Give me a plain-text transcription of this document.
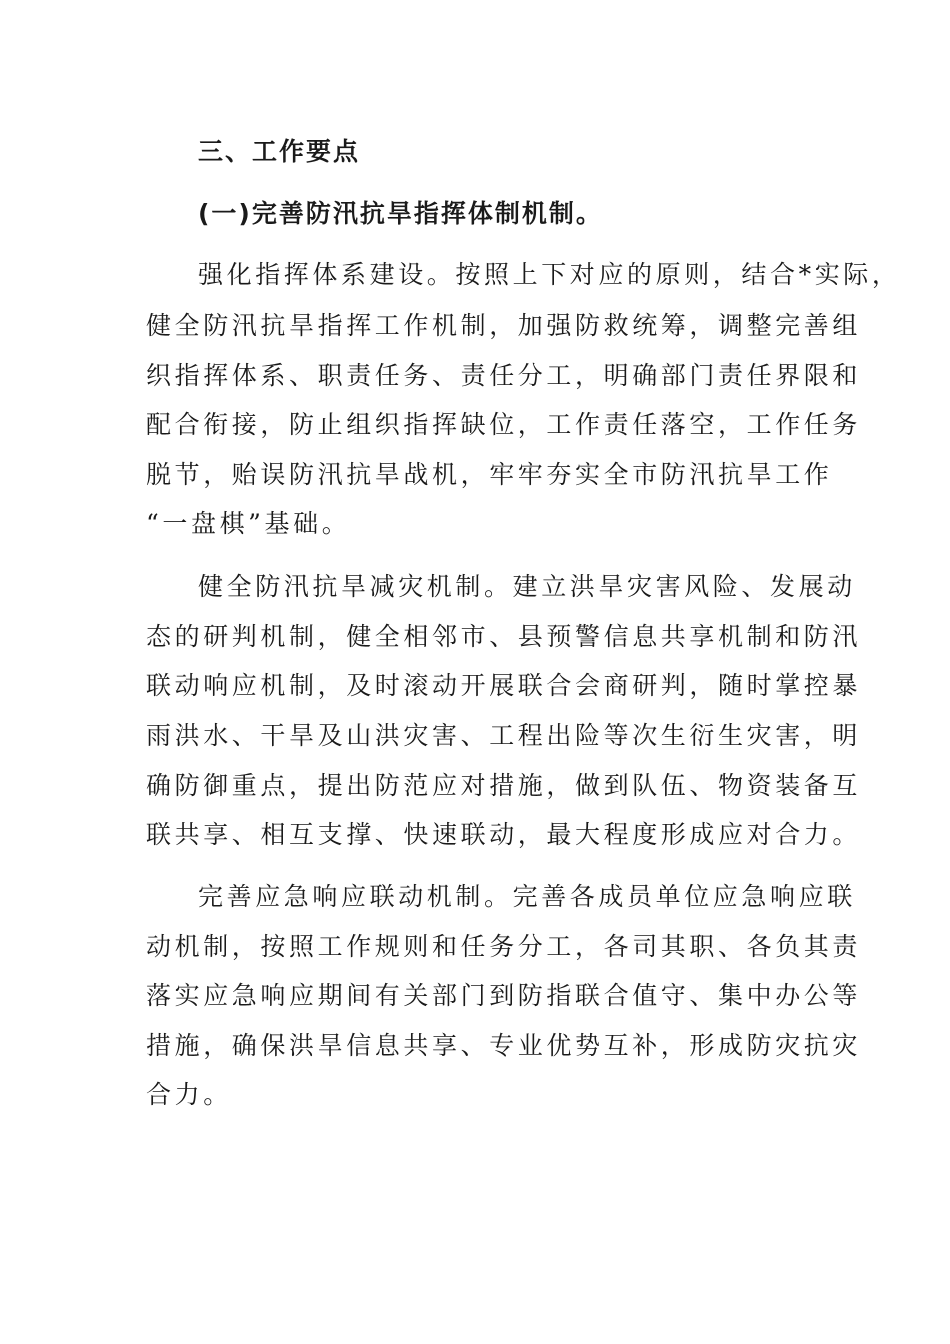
三、工作要点
(一)完善防汛抗旱指挥体制机制。
强化指挥体系建设。按照上下对应的原则，结合*实际，
健全防汛抗旱指挥工作机制，加强防救统筹，调整完善组
织指挥体系、职责任务、责任分工，明确部门责任界限和
配合衔接，防止组织指挥缺位，工作责任落空，工作任务
脱节，贻误防汛抗旱战机，牢牢夯实全市防汛抗旱工作
“一盘棋”基础。
健全防汛抗旱减灾机制。建立洪旱灾害风险、发展动
态的研判机制，健全相邻市、县预警信息共享机制和防汛
联动响应机制，及时滚动开展联合会商研判，随时掌控暴
雨洪水、干旱及山洪灾害、工程出险等次生衍生灾害，明
确防御重点，提出防范应对措施，做到队伍、物资装备互
联共享、相互支撑、快速联动，最大程度形成应对合力。
完善应急响应联动机制。完善各成员单位应急响应联
动机制，按照工作规则和任务分工，各司其职、各负其责
落实应急响应期间有关部门到防指联合值守、集中办公等
措施，确保洪旱信息共享、专业优势互补，形成防灾抗灾
合力。
